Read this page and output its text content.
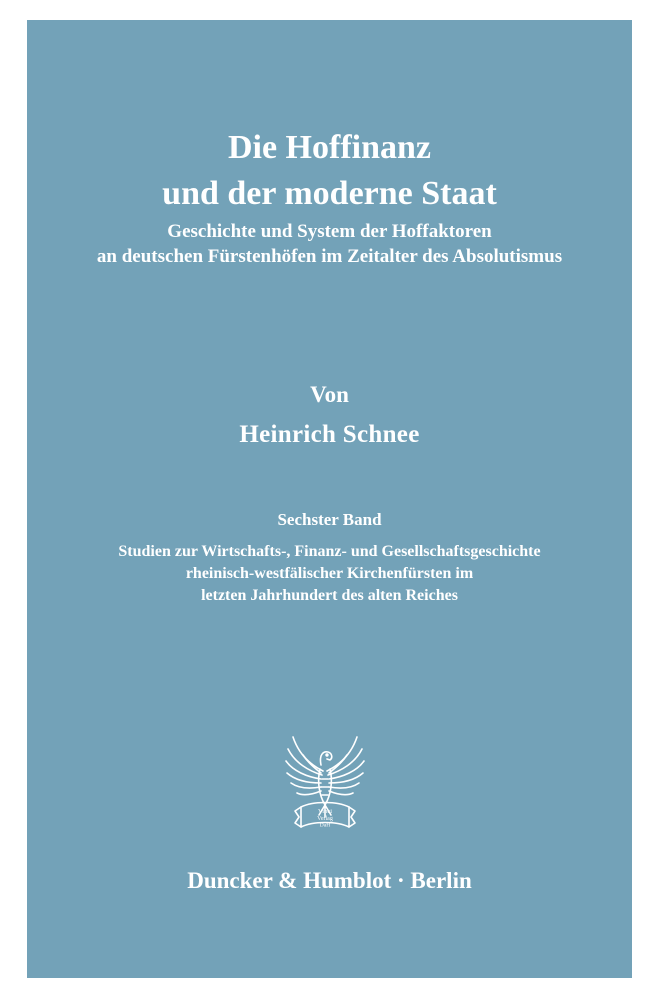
Die Hoffinanz
und der moderne Staat
Geschichte und System der Hoffaktoren
an deutschen Fürstenhöfen im Zeitalter des Absolutismus
Von
Heinrich Schnee
Sechster Band
Studien zur Wirtschafts-, Finanz- und Gesellschaftsgeschichte
rheinisch-westfälischer Kirchenfürsten im
letzten Jahrhundert des alten Reiches
Vinci
Verlag
DaH
Duncker & Humblot · Berlin
